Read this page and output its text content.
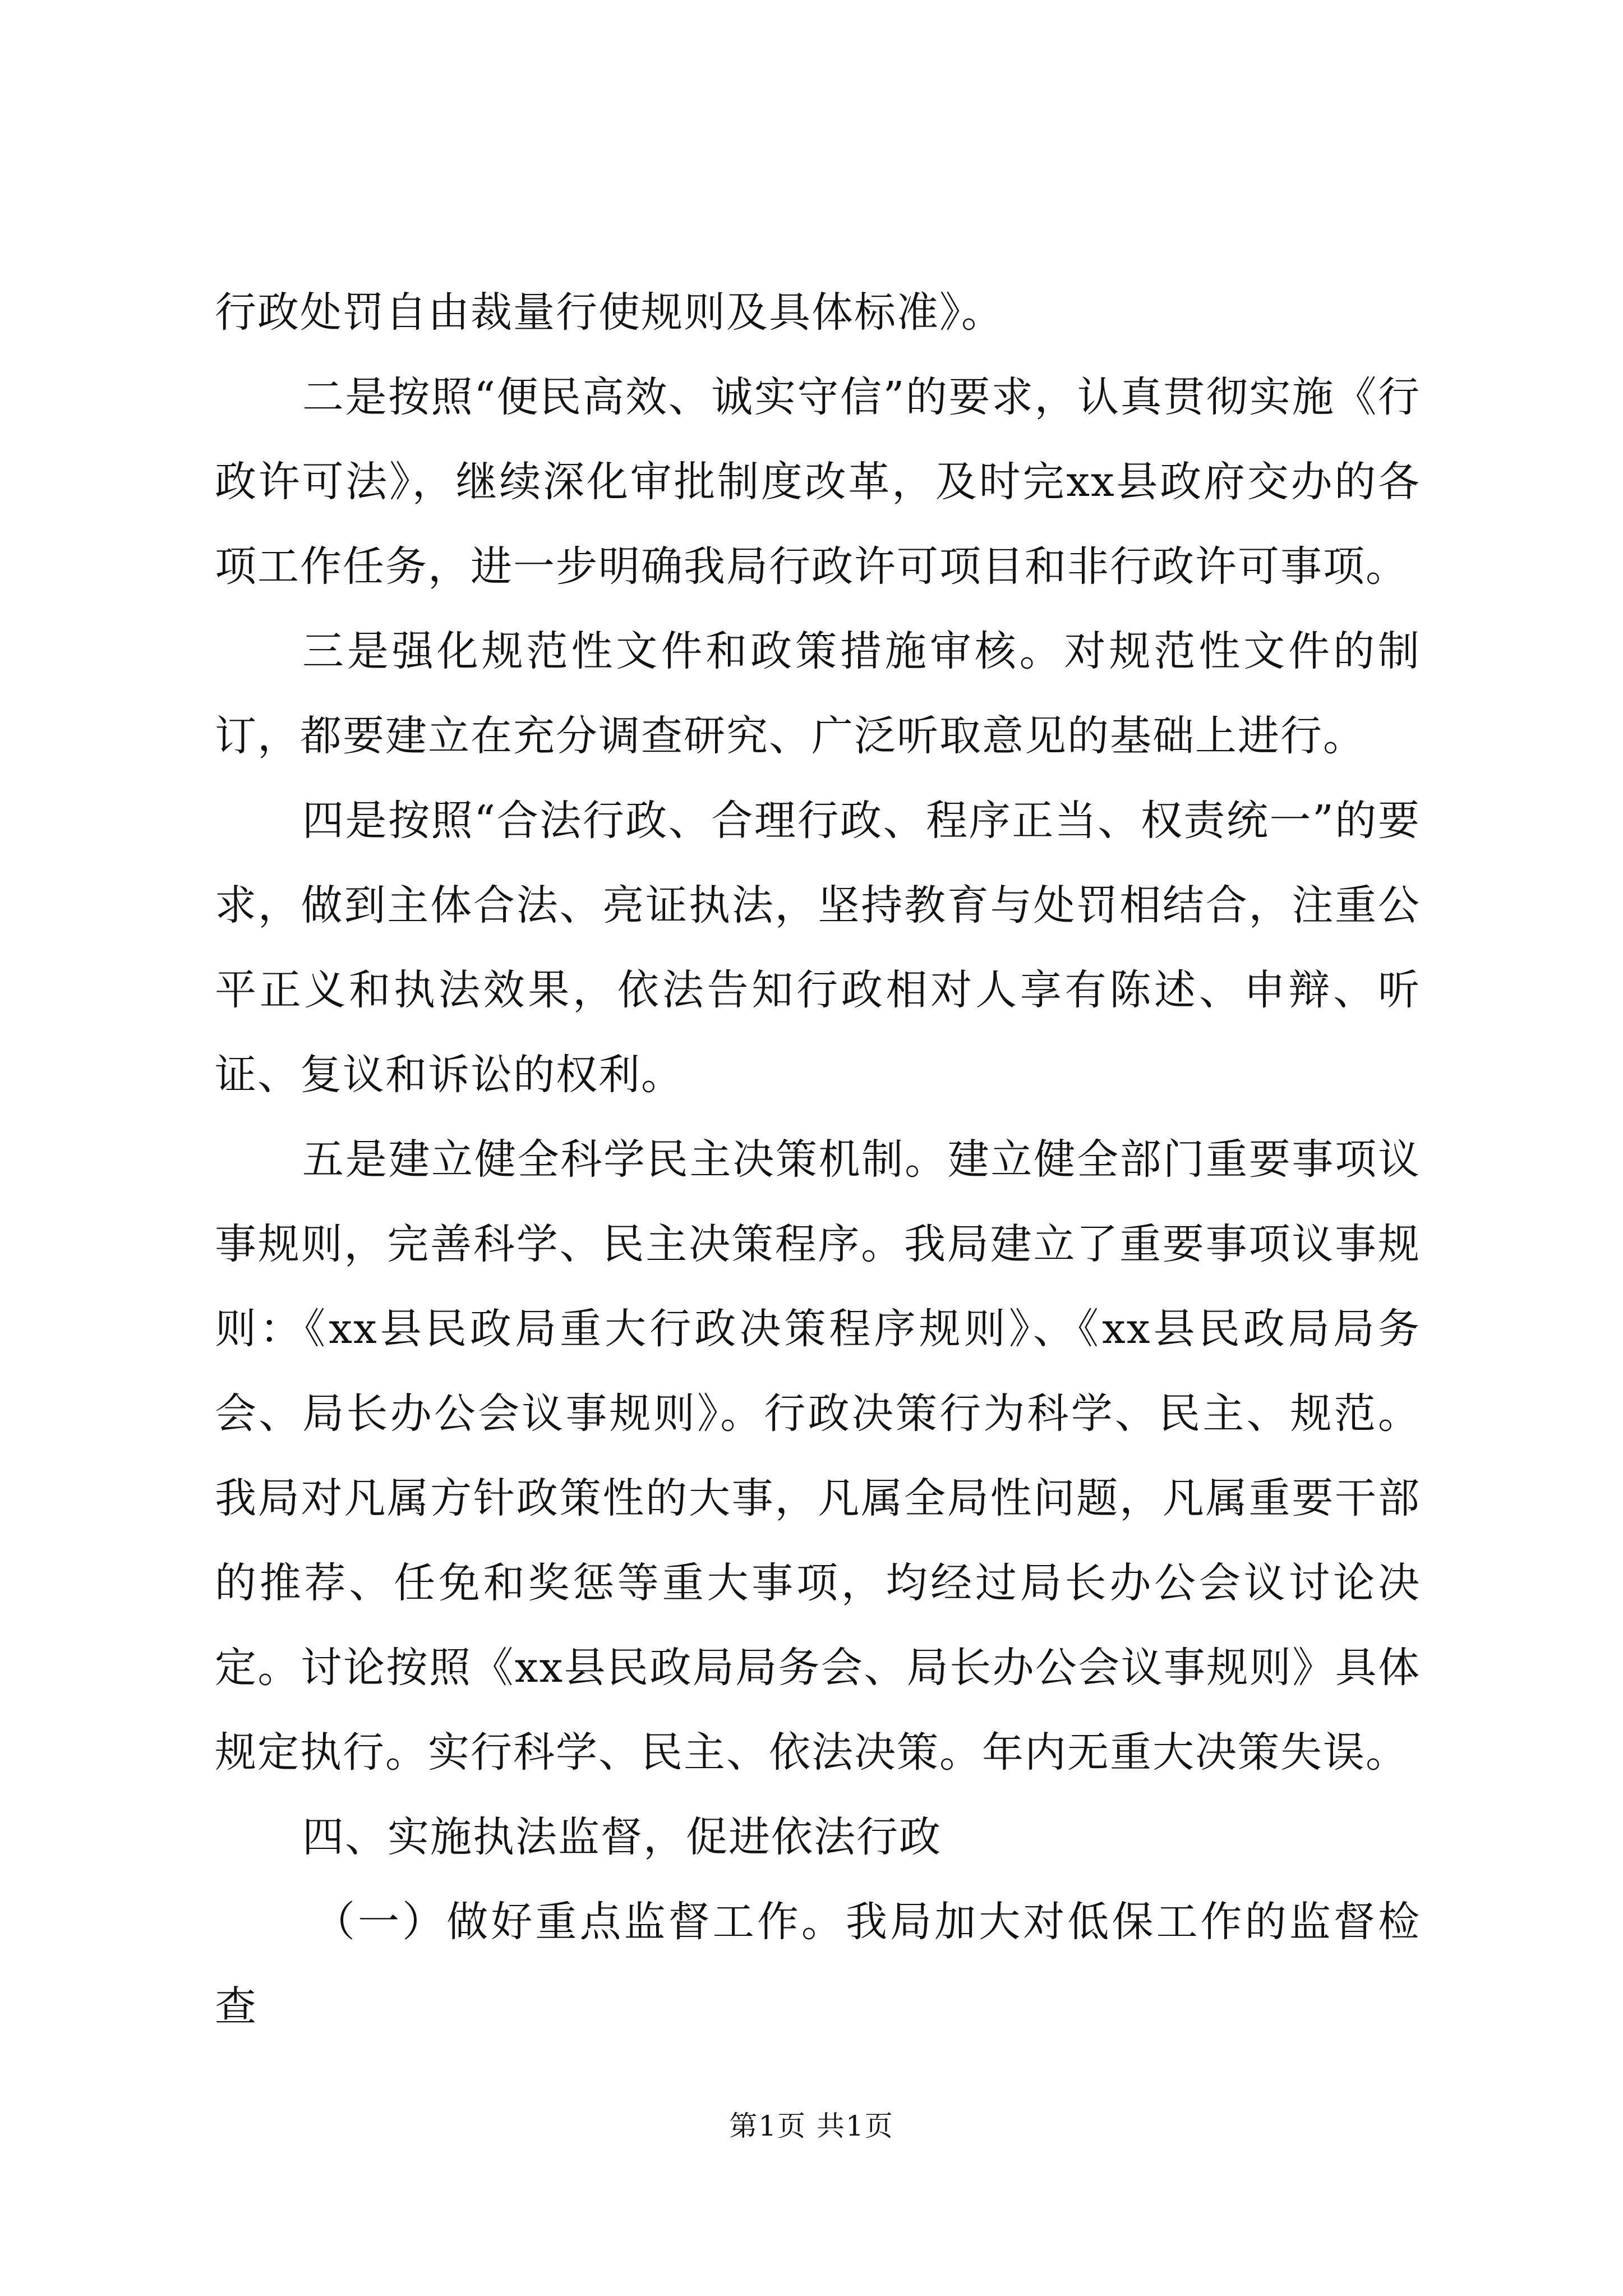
行政处罚自由裁量行使规则及具体标准》。

二是按照“便民高效、诚实守信”的要求，认真贯彻实施《行政许可法》，继续深化审批制度改革，及时完xx县政府交办的各项工作任务，进一步明确我局行政许可项目和非行政许可事项。

三是强化规范性文件和政策措施审核。对规范性文件的制订，都要建立在充分调查研究、广泛听取意见的基础上进行。

四是按照“合法行政、合理行政、程序正当、权责统一”的要求，做到主体合法、亮证执法，坚持教育与处罚相结合，注重公平正义和执法效果，依法告知行政相对人享有陈述、申辩、听证、复议和诉讼的权利。

五是建立健全科学民主决策机制。建立健全部门重要事项议事规则，完善科学、民主决策程序。我局建立了重要事项议事规则：《xx县民政局重大行政决策程序规则》、《xx县民政局局务会、局长办公会议事规则》。行政决策行为科学、民主、规范。我局对凡属方针政策性的大事，凡属全局性问题，凡属重要干部的推荐、任免和奖惩等重大事项，均经过局长办公会议讨论决定。讨论按照《xx县民政局局务会、局长办公会议事规则》具体规定执行。实行科学、民主、依法决策。年内无重大决策失误。

四、实施执法监督，促进依法行政

（一）做好重点监督工作。我局加大对低保工作的监督检查

第1页 共1页
